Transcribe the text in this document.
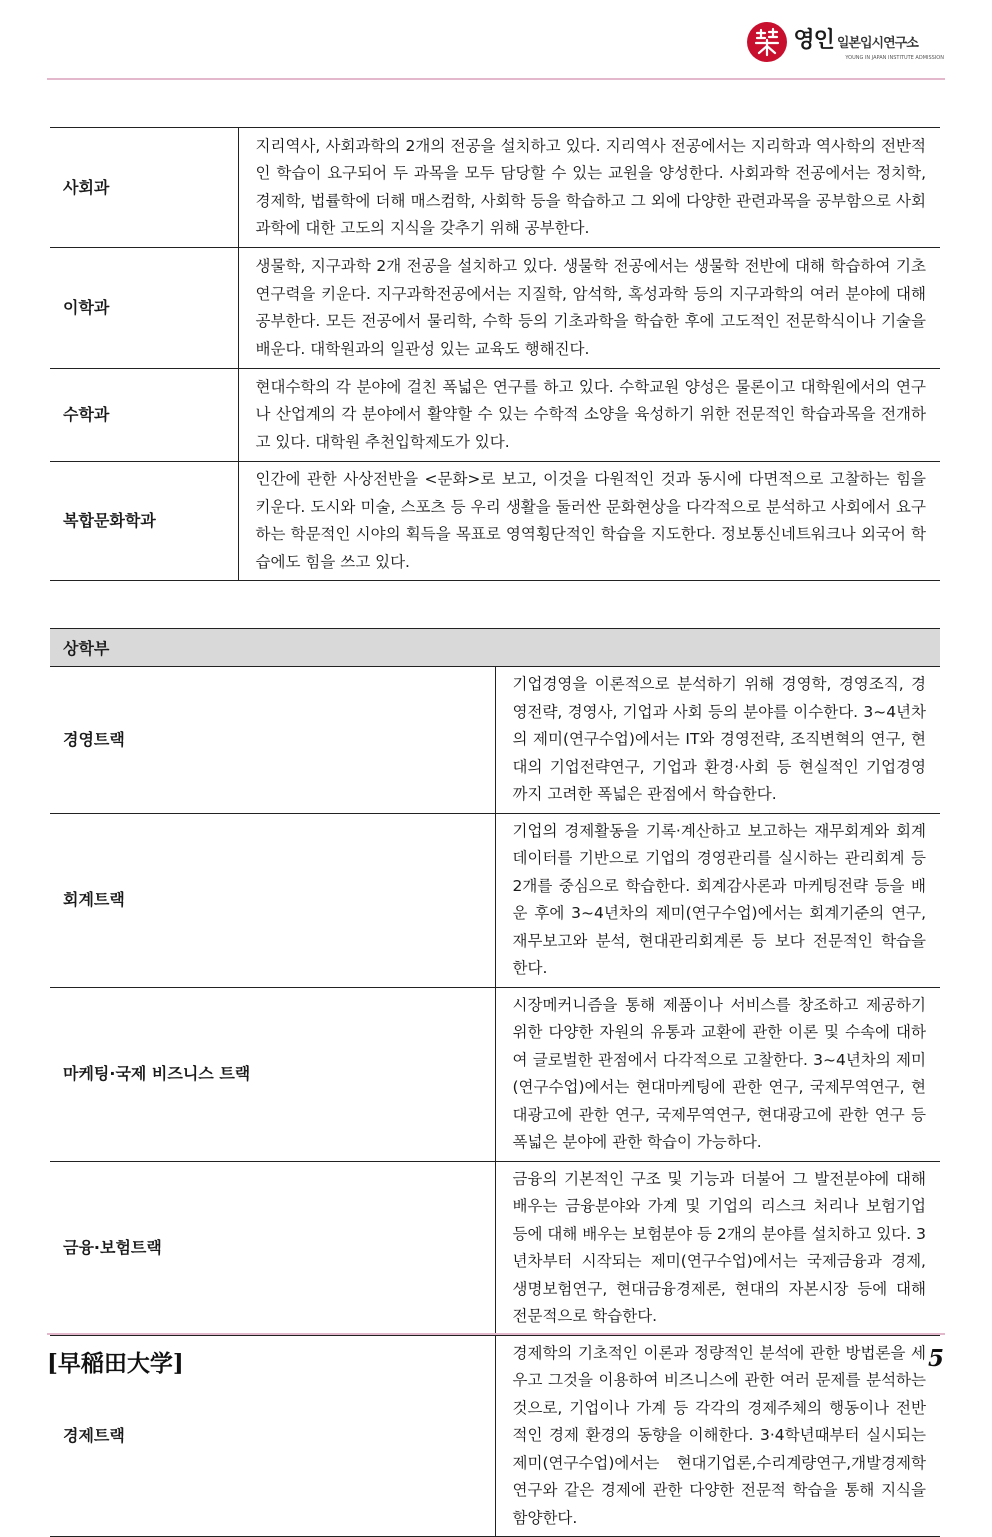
영인 일본입시연구소
YOUNG IN JAPAN INSTITUTE ADMISSION
사회과	지리역사, 사회과학의 2개의 전공을 설치하고 있다. 지리역사 전공에서는 지리학과 역사학의 전반적인 학습이 요구되어 두 과목을 모두 담당할 수 있는 교원을 양성한다. 사회과학 전공에서는 정치학, 경제학, 법률학에 더해 매스컴학, 사회학 등을 학습하고 그 외에 다양한 관련과목을 공부함으로 사회과학에 대한 고도의 지식을 갖추기 위해 공부한다.
이학과	생물학, 지구과학 2개 전공을 설치하고 있다. 생물학 전공에서는 생물학 전반에 대해 학습하여 기초 연구력을 키운다. 지구과학전공에서는 지질학, 암석학, 혹성과학 등의 지구과학의 여러 분야에 대해 공부한다. 모든 전공에서 물리학, 수학 등의 기초과학을 학습한 후에 고도적인 전문학식이나 기술을 배운다. 대학원과의 일관성 있는 교육도 행해진다.
수학과	현대수학의 각 분야에 걸친 폭넓은 연구를 하고 있다. 수학교원 양성은 물론이고 대학원에서의 연구나 산업계의 각 분야에서 활약할 수 있는 수학적 소양을 육성하기 위한 전문적인 학습과목을 전개하고 있다. 대학원 추천입학제도가 있다.
복합문화학과	인간에 관한 사상전반을 <문화>로 보고, 이것을 다원적인 것과 동시에 다면적으로 고찰하는 힘을 키운다. 도시와 미술, 스포츠 등 우리 생활을 둘러싼 문화현상을 다각적으로 분석하고 사회에서 요구하는 학문적인 시야의 획득을 목표로 영역횡단적인 학습을 지도한다. 정보통신네트워크나 외국어 학습에도 힘을 쓰고 있다.
상학부	
경영트랙	기업경영을 이론적으로 분석하기 위해 경영학, 경영조직, 경영전략, 경영사, 기업과 사회 등의 분야를 이수한다. 3~4년차의 제미(연구수업)에서는 IT와 경영전략, 조직변혁의 연구, 현대의 기업전략연구, 기업과 환경·사회 등 현실적인 기업경영까지 고려한 폭넓은 관점에서 학습한다.
회계트랙	기업의 경제활동을 기록·계산하고 보고하는 재무회계와 회계데이터를 기반으로 기업의 경영관리를 실시하는 관리회계 등 2개를 중심으로 학습한다. 회계감사론과 마케팅전략 등을 배운 후에 3~4년차의 제미(연구수업)에서는 회계기준의 연구, 재무보고와 분석, 현대관리회계론 등 보다 전문적인 학습을 한다.
마케팅·국제 비즈니스 트랙	시장메커니즘을 통해 제품이나 서비스를 창조하고 제공하기 위한 다양한 자원의 유통과 교환에 관한 이론 및 수속에 대하여 글로벌한 관점에서 다각적으로 고찰한다. 3~4년차의 제미(연구수업)에서는 현대마케팅에 관한 연구, 국제무역연구, 현대광고에 관한 연구, 국제무역연구, 현대광고에 관한 연구 등 폭넓은 분야에 관한 학습이 가능하다.
금융·보험트랙	금융의 기본적인 구조 및 기능과 더불어 그 발전분야에 대해 배우는 금융분야와 가계 및 기업의 리스크 처리나 보험기업 등에 대해 배우는 보험분야 등 2개의 분야를 설치하고 있다. 3년차부터 시작되는 제미(연구수업)에서는 국제금융과 경제, 생명보험연구, 현대금융경제론, 현대의 자본시장 등에 대해 전문적으로 학습한다.
경제트랙	경제학의 기초적인 이론과 정량적인 분석에 관한 방법론을 세우고 그것을 이용하여 비즈니스에 관한 여러 문제를 분석하는 것으로, 기업이나 가계 등 각각의 경제주체의 행동이나 전반적인 경제 환경의 동향을 이해한다. 3·4학년때부터 실시되는 제미(연구수업)에서는 현대기업론,수리계량연구,개발경제학연구와 같은 경제에 관한 다양한 전문적 학습을 통해 지식을 함양한다.
[早稲田大学]	5
